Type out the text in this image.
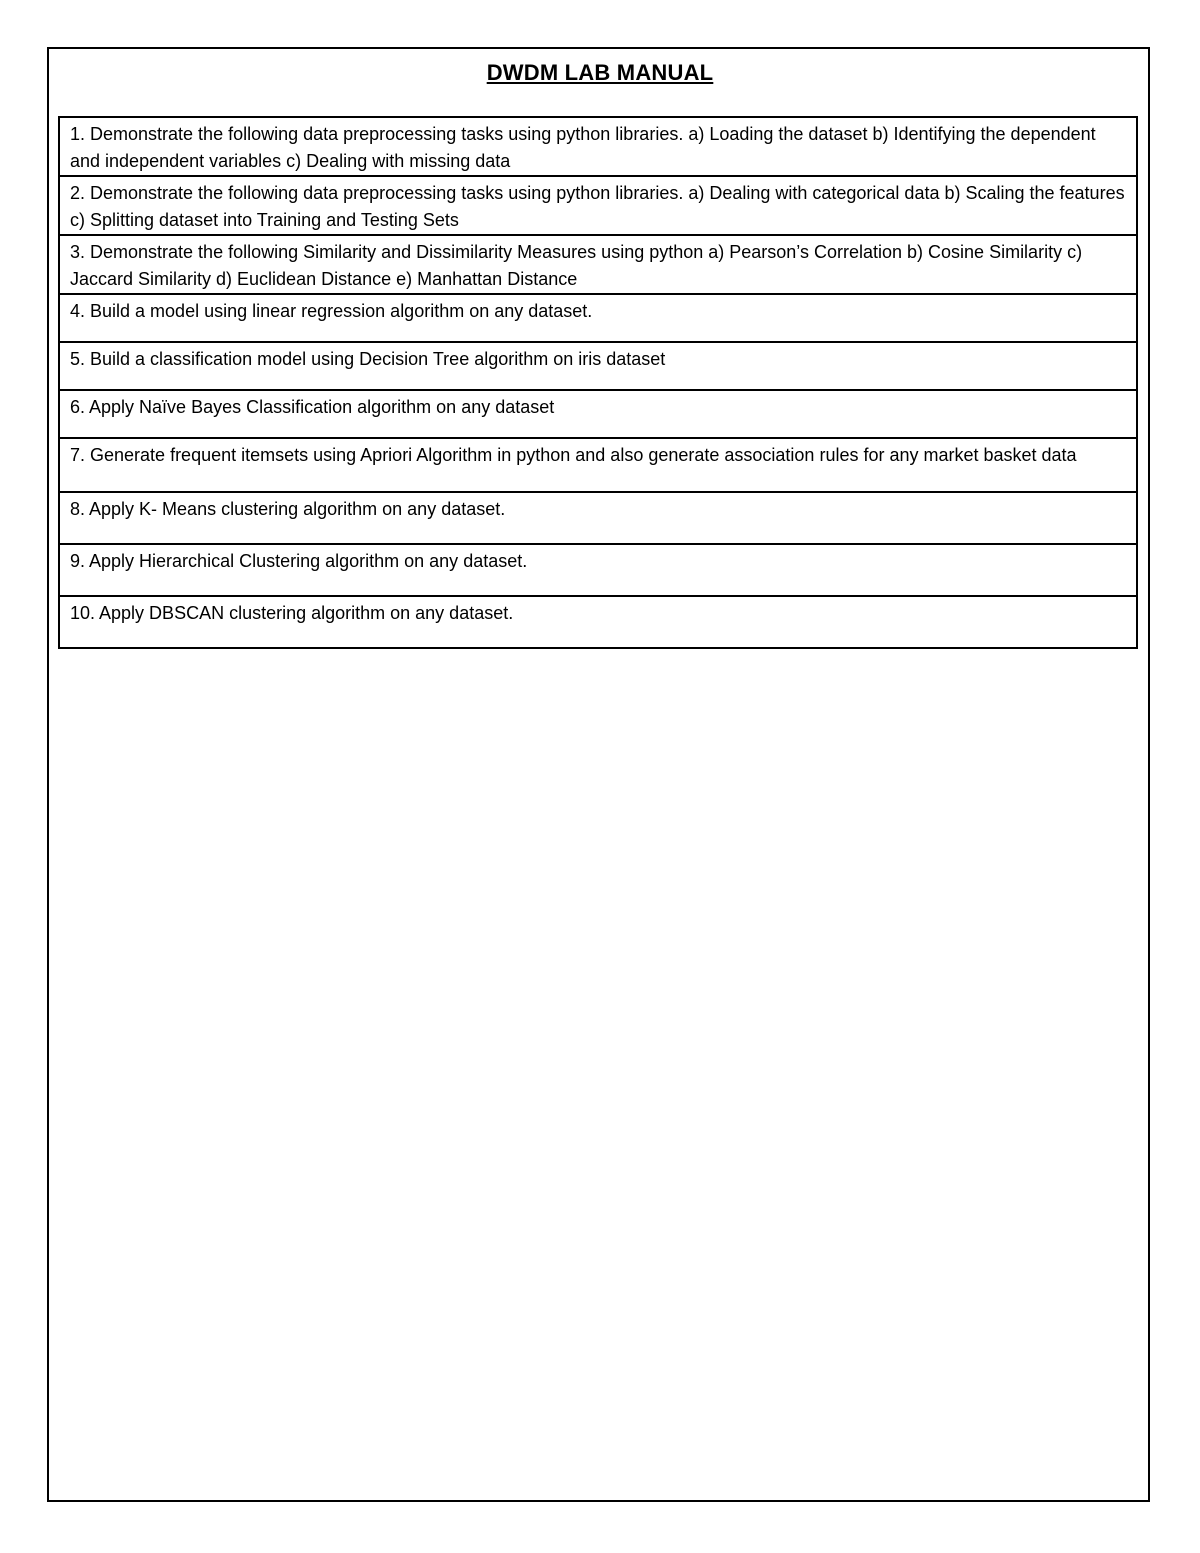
DWDM LAB MANUAL
1. Demonstrate the following data preprocessing tasks using python libraries. a) Loading the dataset b) Identifying the dependent and independent variables c) Dealing with missing data
2. Demonstrate the following data preprocessing tasks using python libraries. a) Dealing with categorical data b) Scaling the features c) Splitting dataset into Training and Testing Sets
3. Demonstrate the following Similarity and Dissimilarity Measures using python a) Pearson’s Correlation b) Cosine Similarity c) Jaccard Similarity d) Euclidean Distance e) Manhattan Distance
4. Build a model using linear regression algorithm on any dataset.
5. Build a classification model using Decision Tree algorithm on iris dataset
6. Apply Naïve Bayes Classification algorithm on any dataset
7. Generate frequent itemsets using Apriori Algorithm in python and also generate association rules for any market basket data
8. Apply K- Means clustering algorithm on any dataset.
9. Apply Hierarchical Clustering algorithm on any dataset.
10. Apply DBSCAN clustering algorithm on any dataset.
